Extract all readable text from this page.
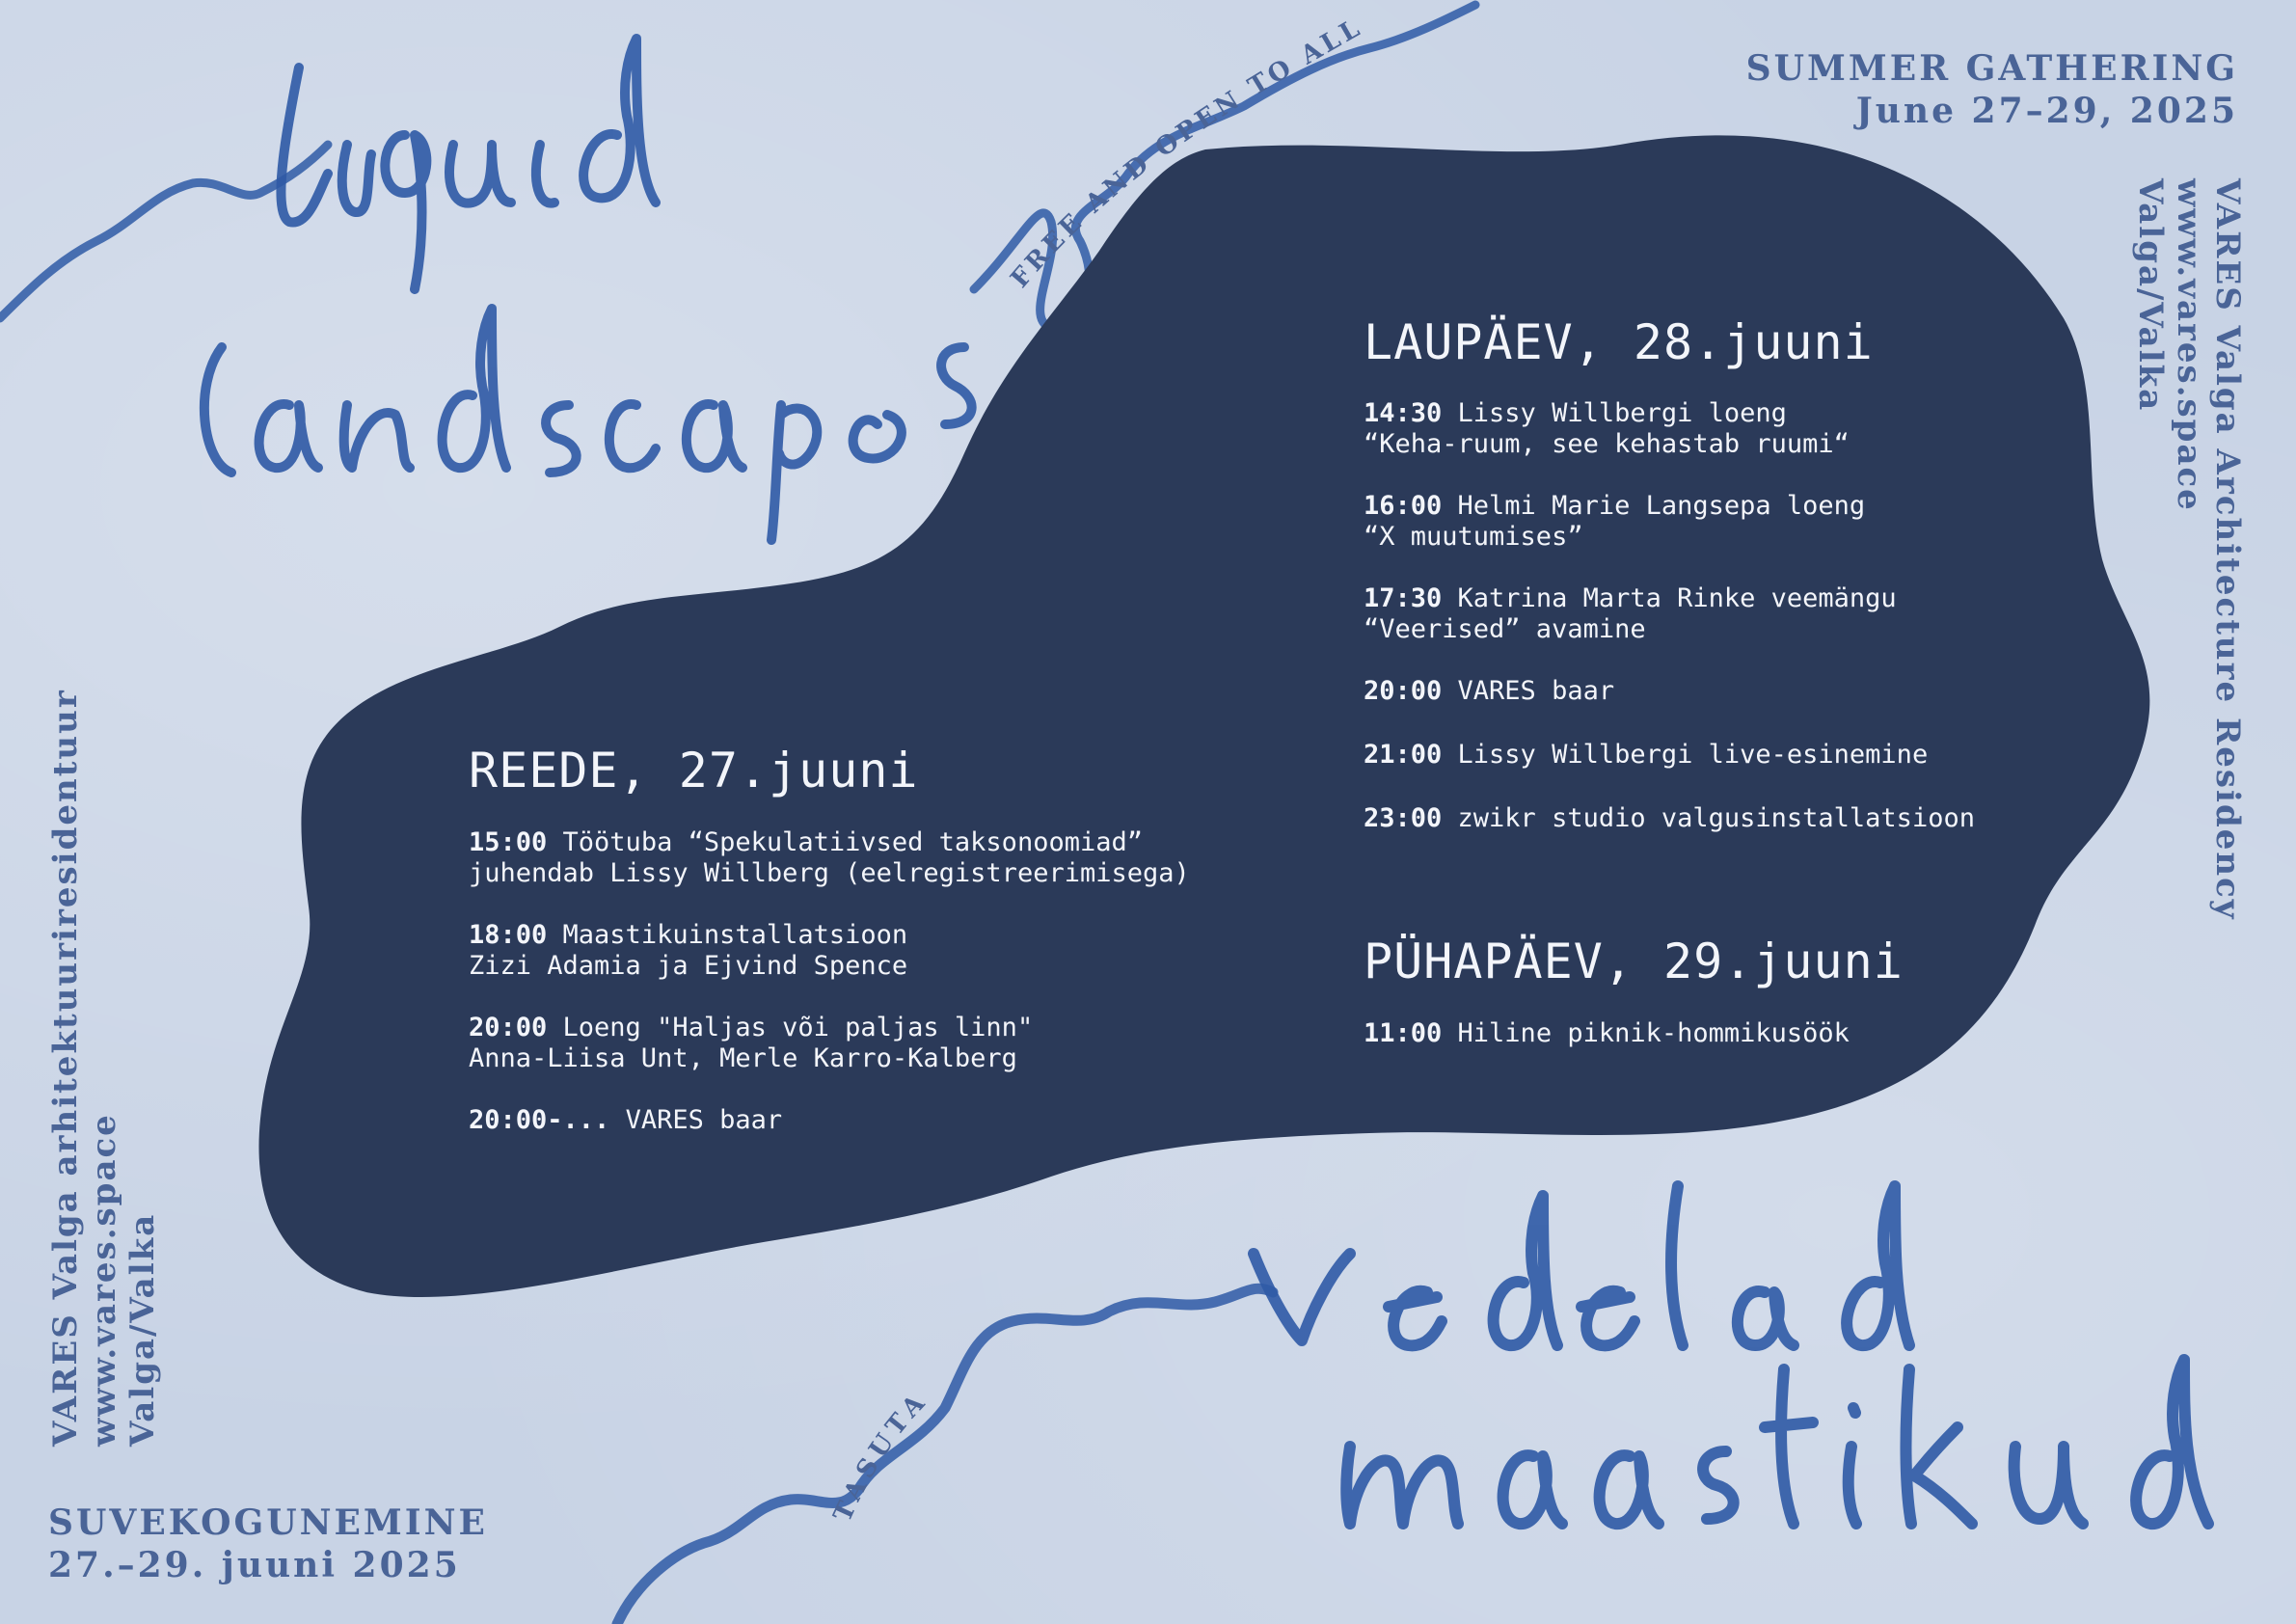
FREE AND OPEN TO ALL
TASUTA
SUMMER GATHERING
June 27–29, 2025
SUVEKOGUNEMINE
27.–29. juuni 2025
VARES Valga Architecture Residency
www.vares.space
Valga/Valka
VARES Valga arhitektuuriresidentuur www.vares.space Valga/Valka
REEDE, 27.juuni
15:00 Töötuba “Spekulatiivsed taksonoomiad”
juhendab Lissy Willberg (eelregistreerimisega)
18:00 Maastikuinstallatsioon
Zizi Adamia ja Ejvind Spence
20:00 Loeng "Haljas või paljas linn"
Anna-Liisa Unt, Merle Karro-Kalberg
20:00-... VARES baar
LAUPÄEV, 28.juuni
14:30 Lissy Willbergi loeng
“Keha-ruum, see kehastab ruumi“
16:00 Helmi Marie Langsepa loeng
“X muutumises”
17:30 Katrina Marta Rinke veemängu
“Veerised” avamine
20:00 VARES baar
21:00 Lissy Willbergi live-esinemine
23:00 zwikr studio valgusinstallatsioon
PÜHAPÄEV, 29.juuni
11:00 Hiline piknik-hommikusöök
